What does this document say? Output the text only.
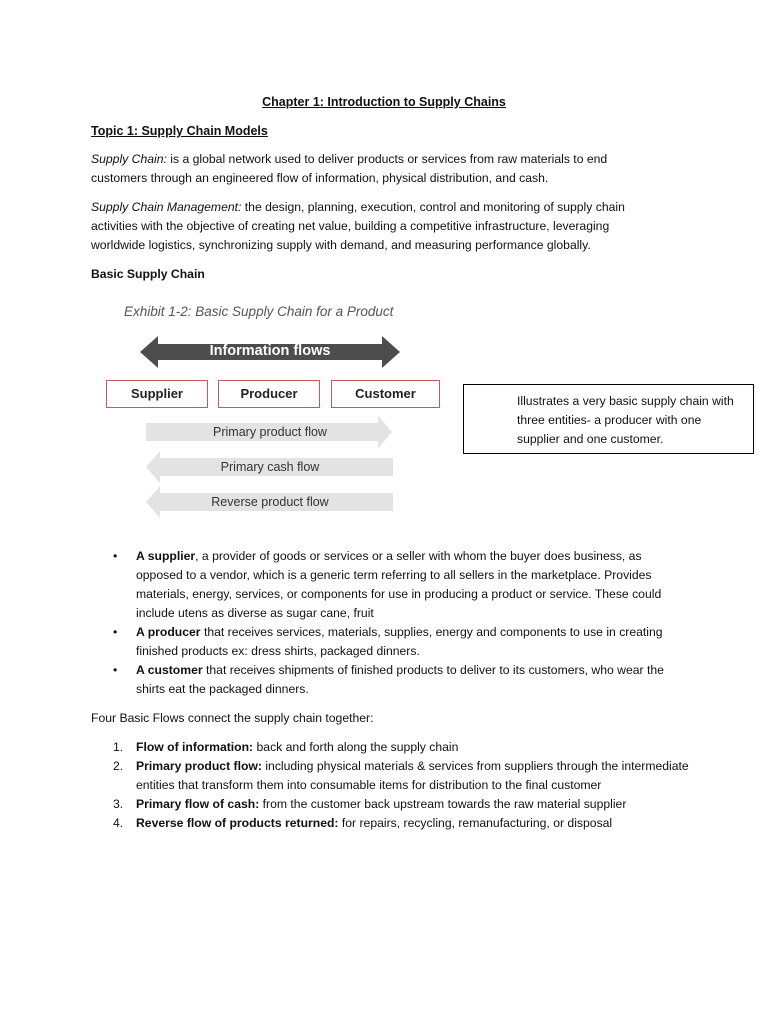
Chapter 1: Introduction to Supply Chains
Topic 1: Supply Chain Models

Supply Chain: is a global network used to deliver products or services from raw materials to end customers through an engineered flow of information, physical distribution, and cash.

Supply Chain Management: the design, planning, execution, control and monitoring of supply chain activities with the objective of creating net value, building a competitive infrastructure, leveraging worldwide logistics, synchronizing supply with demand, and measuring performance globally.

Basic Supply Chain
Exhibit 1-2: Basic Supply Chain for a Product
Information flows
Supplier	Producer	Customer
Primary product flow
Primary cash flow
Reverse product flow

Illustrates a very basic supply chain with three entities- a producer with one supplier and one customer.

• A supplier, a provider of goods or services or a seller with whom the buyer does business, as opposed to a vendor, which is a generic term referring to all sellers in the marketplace. Provides materials, energy, services, or components for use in producing a product or service. These could include utens as diverse as sugar cane, fruit
• A producer that receives services, materials, supplies, energy and components to use in creating finished products ex: dress shirts, packaged dinners.
• A customer that receives shipments of finished products to deliver to its customers, who wear the shirts eat the packaged dinners.
Four Basic Flows connect the supply chain together:
1. Flow of information: back and forth along the supply chain
2. Primary product flow: including physical materials & services from suppliers through the intermediate entities that transform them into consumable items for distribution to the final customer
3. Primary flow of cash: from the customer back upstream towards the raw material supplier
4. Reverse flow of products returned: for repairs, recycling, remanufacturing, or disposal
